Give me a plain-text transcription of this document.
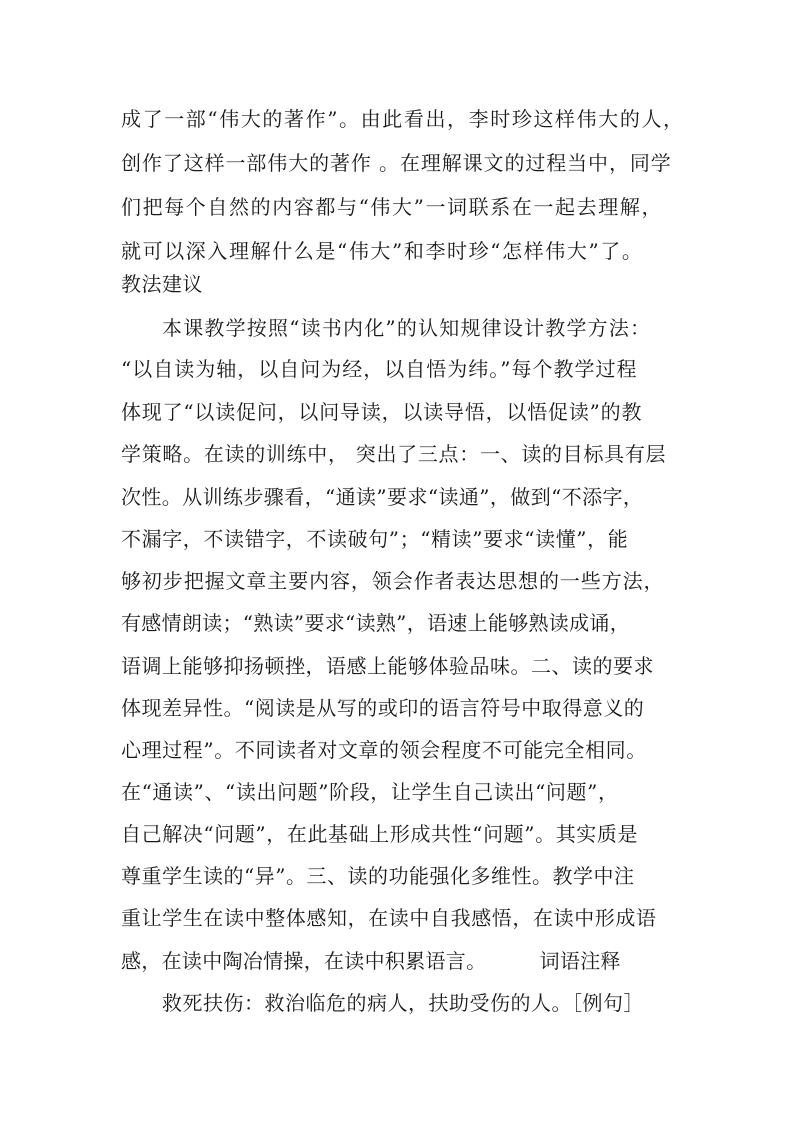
成了一部“伟大的著作”。由此看出，李时珍这样伟大的人，
创作了这样一部伟大的著作 。在理解课文的过程当中，同学
们把每个自然的内容都与“伟大”一词联系在一起去理解，
就可以深入理解什么是“伟大”和李时珍“怎样伟大”了。
教法建议
本课教学按照“读书内化”的认知规律设计教学方法：
“以自读为轴，以自问为经，以自悟为纬。”每个教学过程
体现了“以读促问，以问导读，以读导悟，以悟促读”的教
学策略。在读的训练中， 突出了三点：一、读的目标具有层
次性。从训练步骤看，“通读”要求“读通”，做到“不添字，
不漏字，不读错字，不读破句”；“精读”要求“读懂”，能
够初步把握文章主要内容，领会作者表达思想的一些方法，
有感情朗读；“熟读”要求“读熟”，语速上能够熟读成诵，
语调上能够抑扬顿挫，语感上能够体验品味。二、读的要求
体现差异性。“阅读是从写的或印的语言符号中取得意义的
心理过程”。不同读者对文章的领会程度不可能完全相同。
在“通读”、“读出问题”阶段，让学生自己读出“问题”，
自己解决“问题”，在此基础上形成共性“问题”。其实质是
尊重学生读的“异”。三、读的功能强化多维性。教学中注
重让学生在读中整体感知，在读中自我感悟，在读中形成语
感，在读中陶冶情操，在读中积累语言。        词语注释
救死扶伤：救治临危的病人，扶助受伤的人。［例句］
